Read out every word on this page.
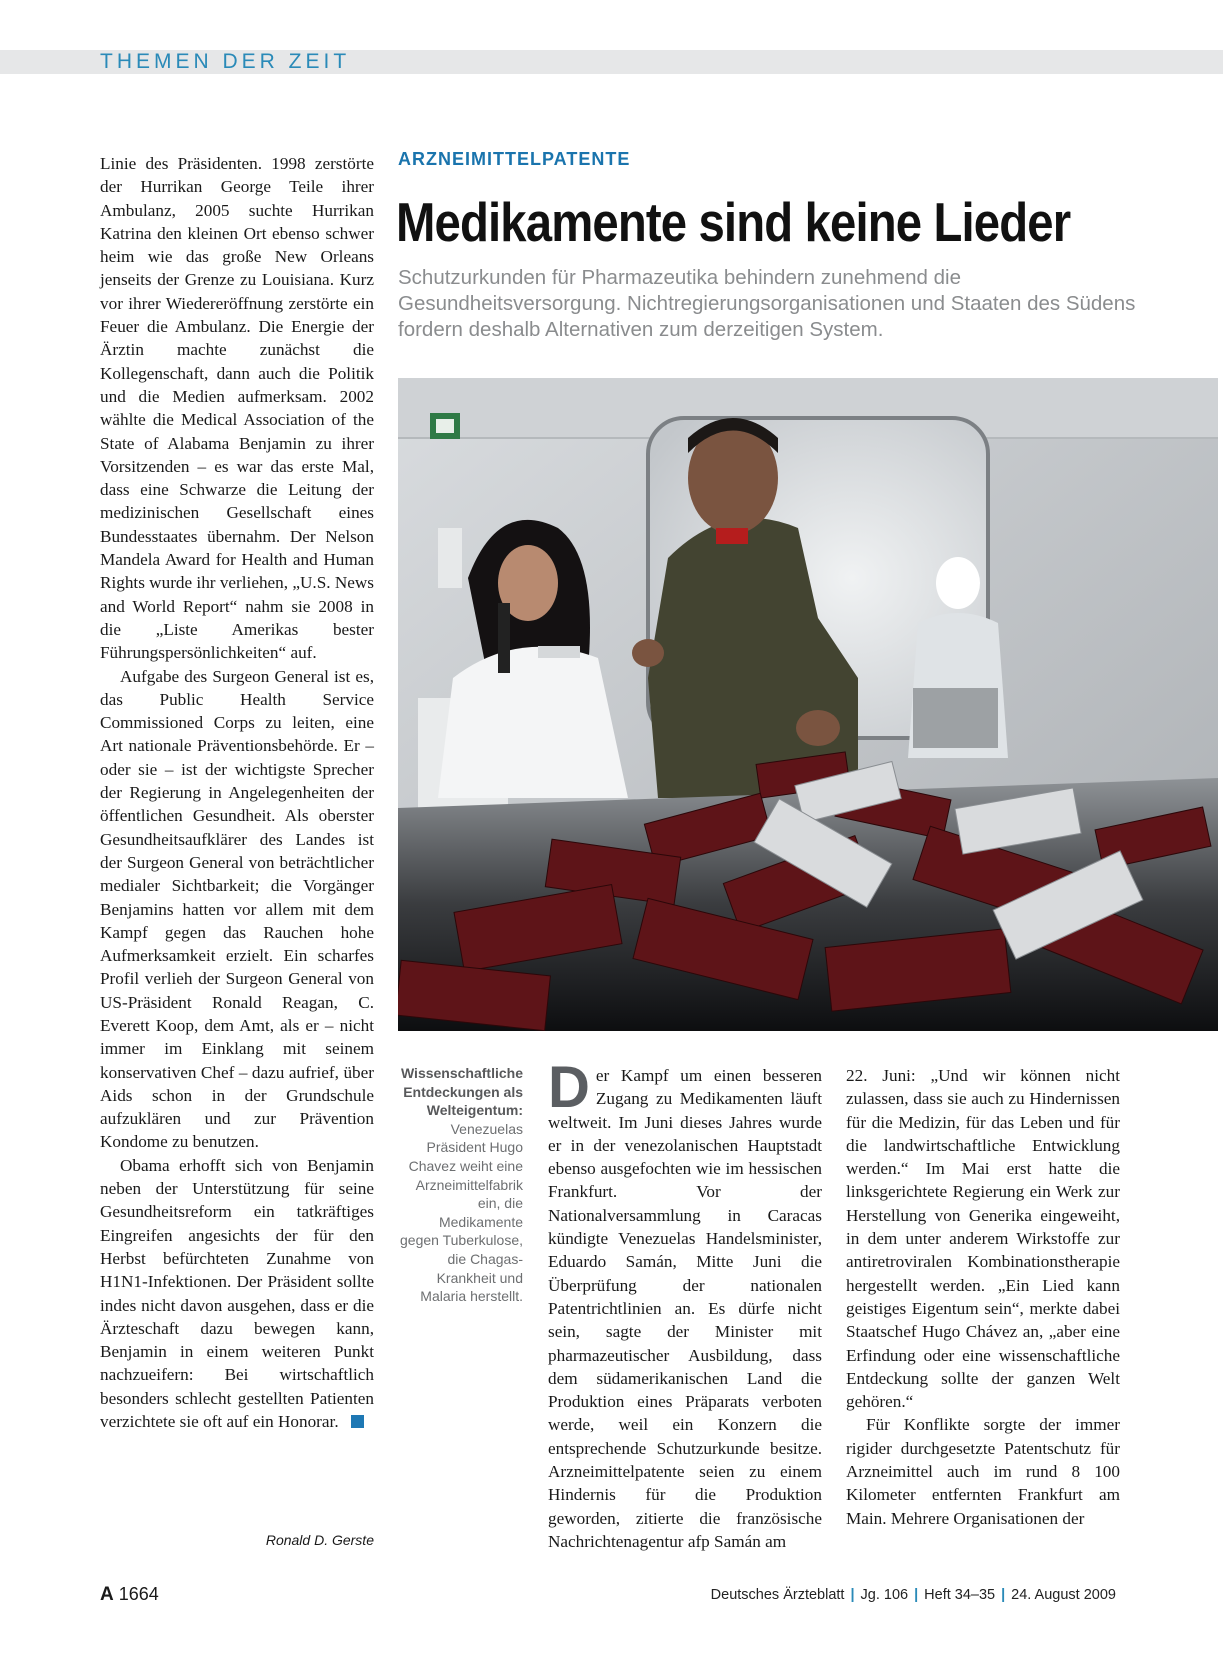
THEMEN DER ZEIT

Linie des Präsidenten. 1998 zerstörte der Hurrikan George Teile ihrer Ambulanz, 2005 suchte Hurrikan Katrina den kleinen Ort ebenso schwer heim wie das große New Orleans jenseits der Grenze zu Louisiana. Kurz vor ihrer Wiedereröffnung zerstörte ein Feuer die Ambulanz. Die Energie der Ärztin machte zunächst die Kollegenschaft, dann auch die Politik und die Medien aufmerksam. 2002 wählte die Medical Association of the State of Alabama Benjamin zu ihrer Vorsitzenden – es war das erste Mal, dass eine Schwarze die Leitung der medizinischen Gesellschaft eines Bundesstaates übernahm. Der Nelson Mandela Award for Health and Human Rights wurde ihr verliehen, „U.S. News and World Report“ nahm sie 2008 in die „Liste Amerikas bester Führungspersönlichkeiten“ auf.

Aufgabe des Surgeon General ist es, das Public Health Service Commissioned Corps zu leiten, eine Art nationale Präventionsbehörde. Er – oder sie – ist der wichtigste Sprecher der Regierung in Angelegenheiten der öffentlichen Gesundheit. Als oberster Gesundheitsaufklärer des Landes ist der Surgeon General von beträchtlicher medialer Sichtbarkeit; die Vorgänger Benjamins hatten vor allem mit dem Kampf gegen das Rauchen hohe Aufmerksamkeit erzielt. Ein scharfes Profil verlieh der Surgeon General von US-Präsident Ronald Reagan, C. Everett Koop, dem Amt, als er – nicht immer im Einklang mit seinem konservativen Chef – dazu aufrief, über Aids schon in der Grundschule aufzuklären und zur Prävention Kondome zu benutzen.

Obama erhofft sich von Benjamin neben der Unterstützung für seine Gesundheitsreform ein tatkräftiges Eingreifen angesichts der für den Herbst befürchteten Zunahme von H1N1-Infektionen. Der Präsident sollte indes nicht davon ausgehen, dass er die Ärzteschaft dazu bewegen kann, Benjamin in einem weiteren Punkt nachzueifern: Bei wirtschaftlich besonders schlecht gestellten Patienten verzichtete sie oft auf ein Honorar.

Ronald D. Gerste
ARZNEIMITTELPATENTE
Medikamente sind keine Lieder
Schutzurkunden für Pharmazeutika behindern zunehmend die Gesundheitsversorgung. Nichtregierungsorganisationen und Staaten des Südens fordern deshalb Alternativen zum derzeitigen System.
Wissenschaftliche Entdeckungen als Welteigentum: Venezuelas Präsident Hugo Chavez weiht eine Arzneimittelfabrik ein, die Medikamente gegen Tuberkulose, die Chagas-Krankheit und Malaria herstellt.

Der Kampf um einen besseren Zugang zu Medikamenten läuft weltweit. Im Juni dieses Jahres wurde er in der venezolanischen Hauptstadt ebenso ausgefochten wie im hessischen Frankfurt. Vor der Nationalversammlung in Caracas kündigte Venezuelas Handelsminister, Eduardo Samán, Mitte Juni die Überprüfung der nationalen Patentrichtlinien an. Es dürfe nicht sein, sagte der Minister mit pharmazeutischer Ausbildung, dass dem südamerikanischen Land die Produktion eines Präparats verboten werde, weil ein Konzern die entsprechende Schutzurkunde besitze. Arzneimittelpatente seien zu einem Hindernis für die Produktion geworden, zitierte die französische Nachrichtenagentur afp Samán am

22. Juni: „Und wir können nicht zulassen, dass sie auch zu Hindernissen für die Medizin, für das Leben und für die landwirtschaftliche Entwicklung werden.“ Im Mai erst hatte die linksgerichtete Regierung ein Werk zur Herstellung von Generika eingeweiht, in dem unter anderem Wirkstoffe zur antiretroviralen Kombinationstherapie hergestellt werden. „Ein Lied kann geistiges Eigentum sein“, merkte dabei Staatschef Hugo Chávez an, „aber eine Erfindung oder eine wissenschaftliche Entdeckung sollte der ganzen Welt gehören.“

Für Konflikte sorgte der immer rigider durchgesetzte Patentschutz für Arzneimittel auch im rund 8 100 Kilometer entfernten Frankfurt am Main. Mehrere Organisationen der

A 1664	Deutsches Ärzteblatt | Jg. 106 | Heft 34–35 | 24. August 2009
